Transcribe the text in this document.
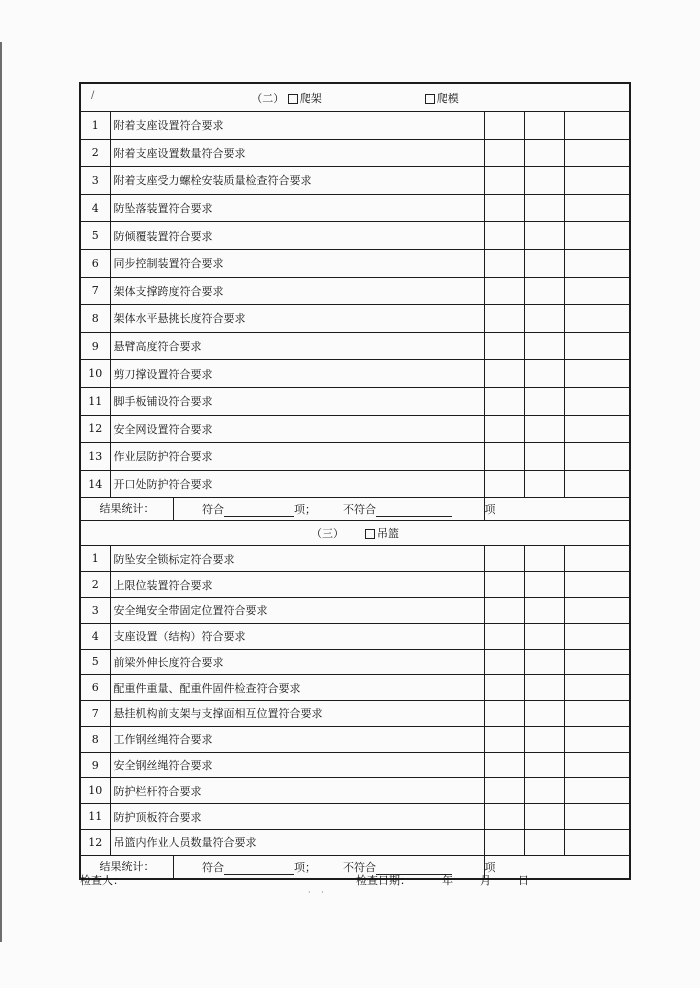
/ （二） 爬架 爬模				
1	附着支座设置符合要求			
2	附着支座设置数量符合要求			
3	附着支座受力螺栓安装质量检查符合要求			
4	防坠落装置符合要求			
5	防倾覆装置符合要求			
6	同步控制装置符合要求			
7	架体支撑跨度符合要求			
8	架体水平悬挑长度符合要求			
9	悬臂高度符合要求			
10	剪刀撑设置符合要求			
11	脚手板铺设符合要求			
12	安全网设置符合要求			
13	作业层防护符合要求			
14	开口处防护符合要求			

结果统计： 符合 项； 不符合		项		
（三） 吊篮				
1	防坠安全锁标定符合要求			
2	上限位装置符合要求			
3	安全绳安全带固定位置符合要求			
4	支座设置（结构）符合要求			
5	前梁外伸长度符合要求			
6	配重件重量、配重件固件检查符合要求			
7	悬挂机构前支架与支撑面相互位置符合要求			
8	工作钢丝绳符合要求			
9	安全钢丝绳符合要求			
10	防护栏杆符合要求			
11	防护顶板符合要求			
12	吊篮内作业人员数量符合要求			

结果统计： 符合 项； 不符合		项		
检查人：	检查日期：	年 月 日
· ·
